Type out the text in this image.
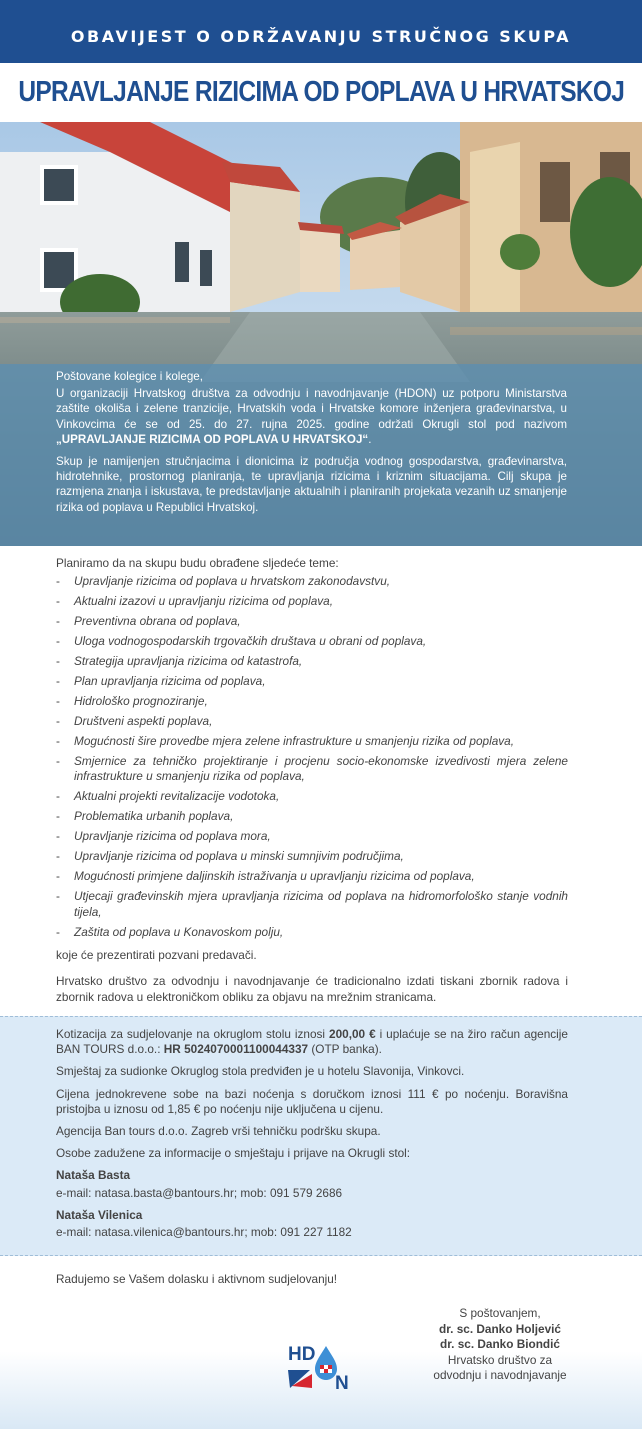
OBAVIJEST O ODRŽAVANJU STRUČNOG SKUPA
UPRAVLJANJE RIZICIMA OD POPLAVA U HRVATSKOJ

Poštovane kolegice i kolege,

U organizaciji Hrvatskog društva za odvodnju i navodnjavanje (HDON) uz potporu Ministarstva zaštite okoliša i zelene tranzicije, Hrvatskih voda i Hrvatske komore inženjera građevinarstva, u Vinkovcima će se od 25. do 27. rujna 2025. godine održati Okrugli stol pod nazivom „UPRAVLJANJE RIZICIMA OD POPLAVA U HRVATSKOJ“.

Skup je namijenjen stručnjacima i dionicima iz područja vodnog gospodarstva, građevinarstva, hidrotehnike, prostornog planiranja, te upravljanja rizicima i kriznim situacijama. Cilj skupa je razmjena znanja i iskustava, te predstavljanje aktualnih i planiranih projekata vezanih uz smanjenje rizika od poplava u Republici Hrvatskoj.

Planiramo da na skupu budu obrađene sljedeće teme:

- Upravljanje rizicima od poplava u hrvatskom zakonodavstvu,
- Aktualni izazovi u upravljanju rizicima od poplava,
- Preventivna obrana od poplava,
- Uloga vodnogospodarskih trgovačkih društava u obrani od poplava,
- Strategija upravljanja rizicima od katastrofa,
- Plan upravljanja rizicima od poplava,
- Hidrološko prognoziranje,
- Društveni aspekti poplava,
- Mogućnosti šire provedbe mjera zelene infrastrukture u smanjenju rizika od poplava,
- Smjernice za tehničko projektiranje i procjenu socio-ekonomske izvedivosti mjera zelene infrastrukture u smanjenju rizika od poplava,
- Aktualni projekti revitalizacije vodotoka,
- Problematika urbanih poplava,
- Upravljanje rizicima od poplava mora,
- Upravljanje rizicima od poplava u minski sumnjivim područjima,
- Mogućnosti primjene daljinskih istraživanja u upravljanju rizicima od poplava,
- Utjecaji građevinskih mjera upravljanja rizicima od poplava na hidromorfološko stanje vodnih tijela,
- Zaštita od poplava u Konavoskom polju,

koje će prezentirati pozvani predavači.

Hrvatsko društvo za odvodnju i navodnjavanje će tradicionalno izdati tiskani zbornik radova i zbornik radova u elektroničkom obliku za objavu na mrežnim stranicama.

Kotizacija za sudjelovanje na okruglom stolu iznosi 200,00 € i uplaćuje se na žiro račun agencije BAN TOURS d.o.o.: HR 5024070001100044337 (OTP banka).

Smještaj za sudionke Okruglog stola predviđen je u hotelu Slavonija, Vinkovci.

Cijena jednokrevene sobe na bazi noćenja s doručkom iznosi 111 € po noćenju. Boravišna pristojba u iznosu od 1,85 € po noćenju nije uključena u cijenu.

Agencija Ban tours d.o.o. Zagreb vrši tehničku podršku skupa.

Osobe zadužene za informacije o smještaju i prijave na Okrugli stol:

Nataša Basta
e-mail: natasa.basta@bantours.hr; mob: 091 579 2686
Nataša Vilenica
e-mail: natasa.vilenica@bantours.hr; mob: 091 227 1182

Radujemo se Vašem dolasku i aktivnom sudjelovanju!

S poštovanjem,
dr. sc. Danko Holjević
dr. sc. Danko Biondić
Hrvatsko društvo za
odvodnju i navodnjavanje
HD
N
